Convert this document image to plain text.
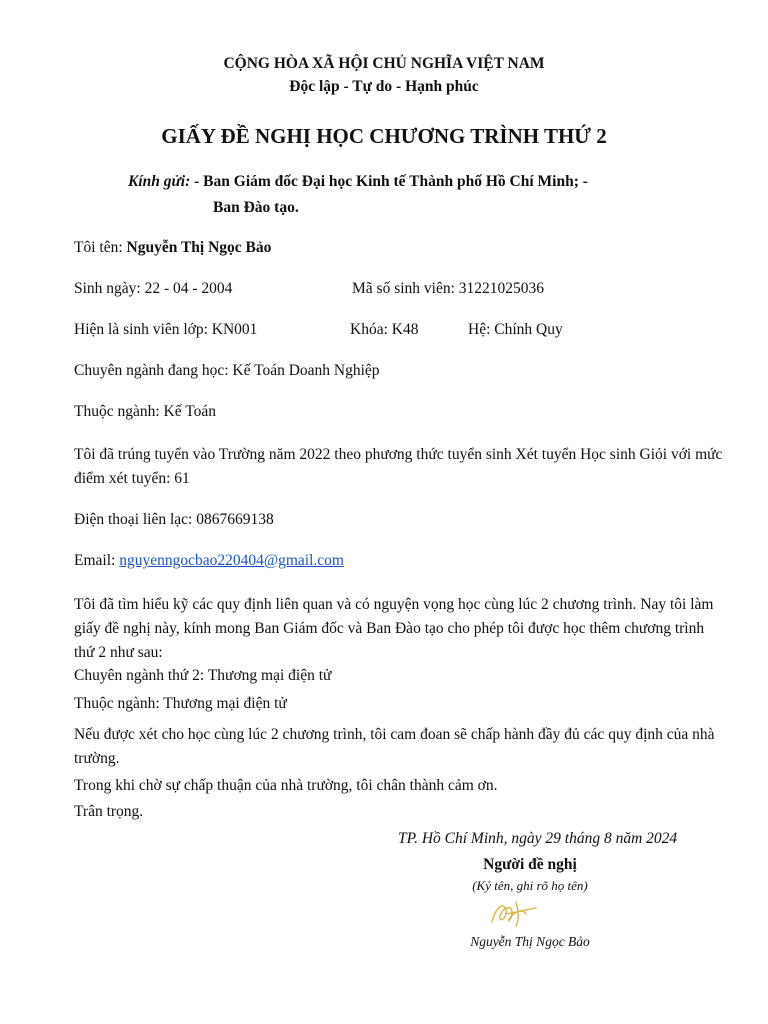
CỘNG HÒA XÃ HỘI CHỦ NGHĨA VIỆT NAM
Độc lập - Tự do - Hạnh phúc
GIẤY ĐỀ NGHỊ HỌC CHƯƠNG TRÌNH THỨ 2
Kính gửi: - Ban Giám đốc Đại học Kinh tế Thành phố Hồ Chí Minh; -
Ban Đào tạo.
Tôi tên: Nguyễn Thị Ngọc Bảo
Sinh ngày: 22 - 04 - 2004	Mã số sinh viên: 31221025036
Hiện là sinh viên lớp: KN001	Khóa: K48	Hệ: Chính Quy
Chuyên ngành đang học: Kế Toán Doanh Nghiệp
Thuộc ngành: Kế Toán
Tôi đã trúng tuyển vào Trường năm 2022 theo phương thức tuyển sinh Xét tuyển Học sinh Giỏi với mức điểm xét tuyển: 61
Điện thoại liên lạc: 0867669138
Email: nguyenngocbao220404@gmail.com
Tôi đã tìm hiểu kỹ các quy định liên quan và có nguyện vọng học cùng lúc 2 chương trình. Nay tôi làm giấy đề nghị này, kính mong Ban Giám đốc và Ban Đào tạo cho phép tôi được học thêm chương trình thứ 2 như sau:
Chuyên ngành thứ 2: Thương mại điện tử
Thuộc ngành: Thương mại điện tử
Nếu được xét cho học cùng lúc 2 chương trình, tôi cam đoan sẽ chấp hành đầy đủ các quy định của nhà trường.
Trong khi chờ sự chấp thuận của nhà trường, tôi chân thành cảm ơn.
Trân trọng.
TP. Hồ Chí Minh, ngày 29 tháng 8 năm 2024
Người đề nghị
(Ký tên, ghi rõ họ tên)
Nguyễn Thị Ngọc Bảo
